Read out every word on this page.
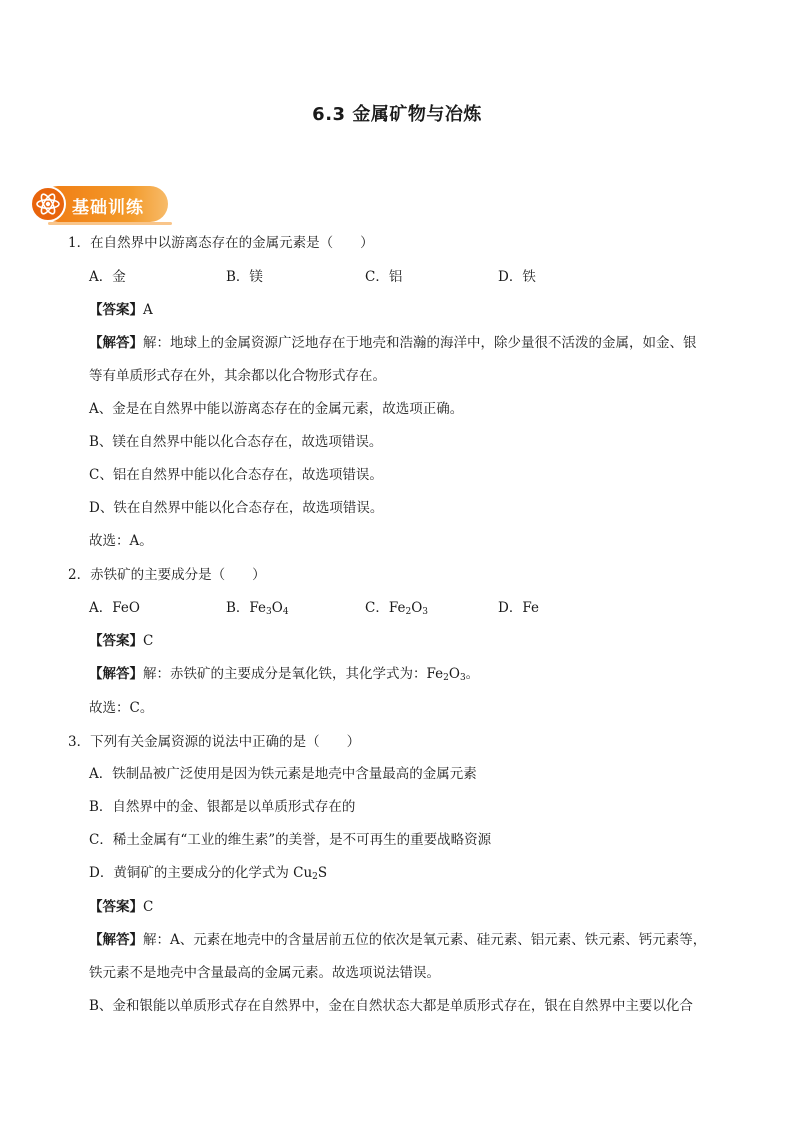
6.3 金属矿物与冶炼
基础训练
1．在自然界中以游离态存在的金属元素是（　　）
A．金	B．镁	C．铝	D．铁
【答案】A
【解答】解：地球上的金属资源广泛地存在于地壳和浩瀚的海洋中，除少量很不活泼的金属，如金、银
等有单质形式存在外，其余都以化合物形式存在。
A、金是在自然界中能以游离态存在的金属元素，故选项正确。
B、镁在自然界中能以化合态存在，故选项错误。
C、铝在自然界中能以化合态存在，故选项错误。
D、铁在自然界中能以化合态存在，故选项错误。
故选：A。
2．赤铁矿的主要成分是（　　）
A．FeO	B．$Fe_3O_4$	C．$Fe_2O_3$	D．Fe
【答案】C
【解答】解：赤铁矿的主要成分是氧化铁，其化学式为：$Fe_2O_3$。
故选：C。
3．下列有关金属资源的说法中正确的是（　　）
A．铁制品被广泛使用是因为铁元素是地壳中含量最高的金属元素
B．自然界中的金、银都是以单质形式存在的
C．稀土金属有“工业的维生素”的美誉，是不可再生的重要战略资源
D．黄铜矿的主要成分的化学式为 $Cu_2S$
【答案】C
【解答】解：A、元素在地壳中的含量居前五位的依次是氧元素、硅元素、铝元素、铁元素、钙元素等，
铁元素不是地壳中含量最高的金属元素。故选项说法错误。
B、金和银能以单质形式存在自然界中，金在自然状态大都是单质形式存在，银在自然界中主要以化合
